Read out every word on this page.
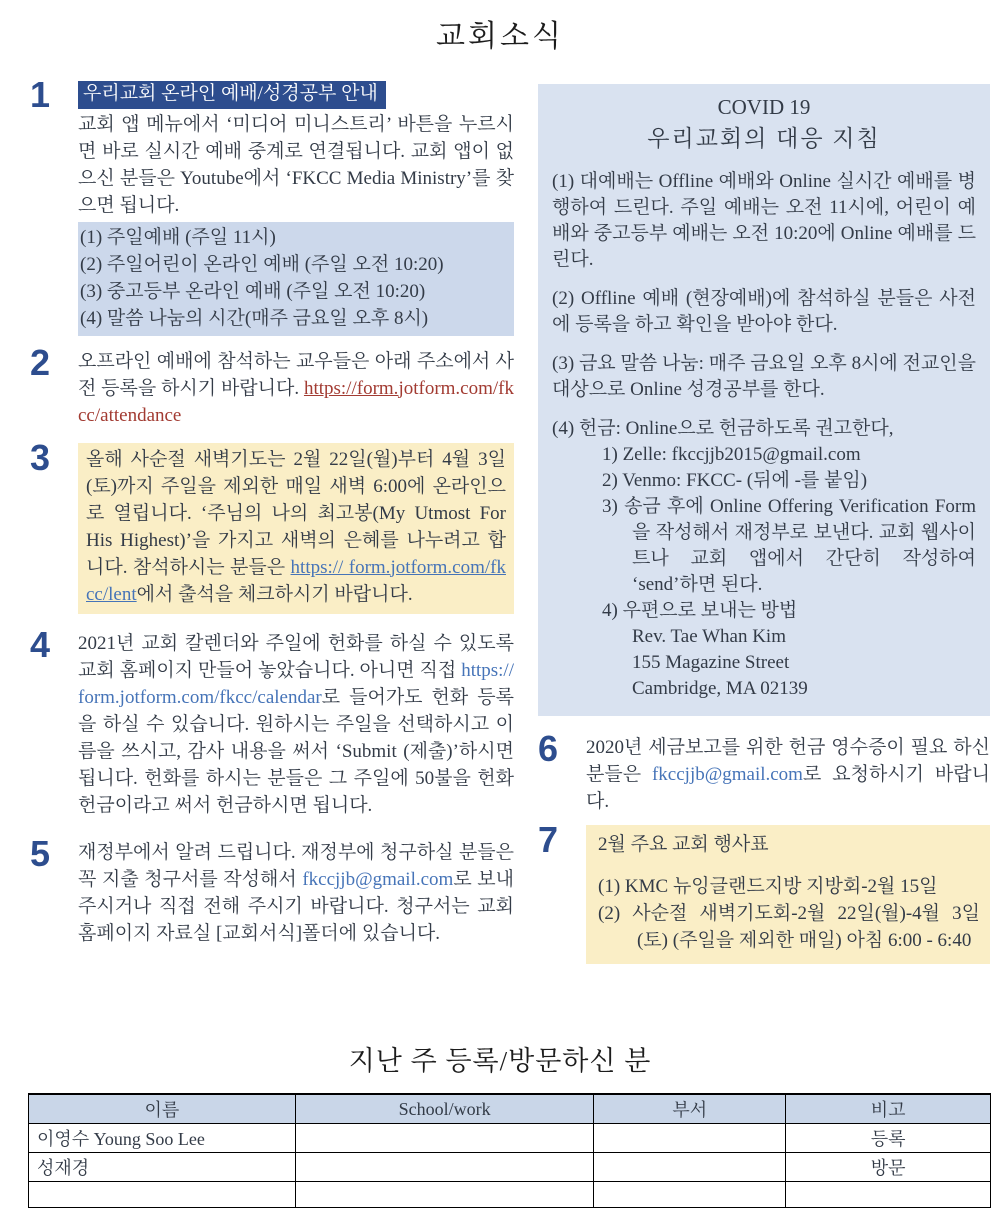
교회소식
1	우리교회 온라인 예배/성경공부 안내
교회 앱 메뉴에서 ‘미디어 미니스트리’ 바튼을 누르시면 바로 실시간 예배 중계로 연결됩니다. 교회 앱이 없으신 분들은 Youtube에서 ‘FKCC Media Ministry’를 찾으면 됩니다.
(1) 주일예배 (주일 11시)
(2) 주일어린이 온라인 예배 (주일 오전 10:20)
(3) 중고등부 온라인 예배 (주일 오전 10:20)
(4) 말씀 나눔의 시간(매주 금요일 오후 8시)
2	오프라인 예배에 참석하는 교우들은 아래 주소에서 사전 등록을 하시기 바랍니다. https://form.jotform.com/fkcc/attendance
3	올해 사순절 새벽기도는 2월 22일(월)부터 4월 3일(토)까지 주일을 제외한 매일 새벽 6:00에 온라인으로 열립니다. ‘주님의 나의 최고봉(My Utmost For His Highest)’을 가지고 새벽의 은혜를 나누려고 합니다. 참석하시는 분들은 https:// form.jotform.com/fkcc/lent에서 출석을 체크하시기 바랍니다.
4	2021년 교회 칼렌더와 주일에 헌화를 하실 수 있도록 교회 홈페이지 만들어 놓았습니다. 아니면 직접 https://form.jotform.com/fkcc/calendar로 들어가도 헌화 등록을 하실 수 있습니다. 원하시는 주일을 선택하시고 이름을 쓰시고, 감사 내용을 써서 ‘Submit (제출)’하시면 됩니다. 헌화를 하시는 분들은 그 주일에 50불을 헌화 헌금이라고 써서 헌금하시면 됩니다.
5	재정부에서 알려 드립니다. 재정부에 청구하실 분들은 꼭 지출 청구서를 작성해서 fkccjjb@gmail.com로 보내주시거나 직접 전해 주시기 바랍니다. 청구서는 교회 홈페이지 자료실 [교회서식]폴더에 있습니다.
COVID 19
우리교회의 대응 지침
(1) 대예배는 Offline 예배와 Online 실시간 예배를 병행하여 드린다. 주일 예배는 오전 11시에, 어린이 예배와 중고등부 예배는 오전 10:20에 Online 예배를 드린다.
(2) Offline 예배 (현장예배)에 참석하실 분들은 사전에 등록을 하고 확인을 받아야 한다.
(3) 금요 말씀 나눔: 매주 금요일 오후 8시에 전교인을 대상으로 Online 성경공부를 한다.
(4) 헌금: Online으로 헌금하도록 권고한다,
1) Zelle: fkccjjb2015@gmail.com
2) Venmo: FKCC- (뒤에 -를 붙임)
3) 송금 후에 Online Offering Verification Form을 작성해서 재정부로 보낸다. 교회 웹사이트나 교회 앱에서 간단히 작성하여 ‘send’하면 된다.
4) 우편으로 보내는 방법
Rev. Tae Whan Kim
155 Magazine Street
Cambridge, MA 02139
6	2020년 세금보고를 위한 헌금 영수증이 필요 하신 분들은 fkccjjb@gmail.com로 요청하시기 바랍니다.
7	2월 주요 교회 행사표
(1) KMC 뉴잉글랜드지방 지방회-2월 15일
(2) 사순절 새벽기도회-2월 22일(월)-4월 3일(토) (주일을 제외한 매일) 아침 6:00 - 6:40
지난 주 등록/방문하신 분
이름	School/work	부서	비고
이영수 Young Soo Lee			등록
성재경			방문
